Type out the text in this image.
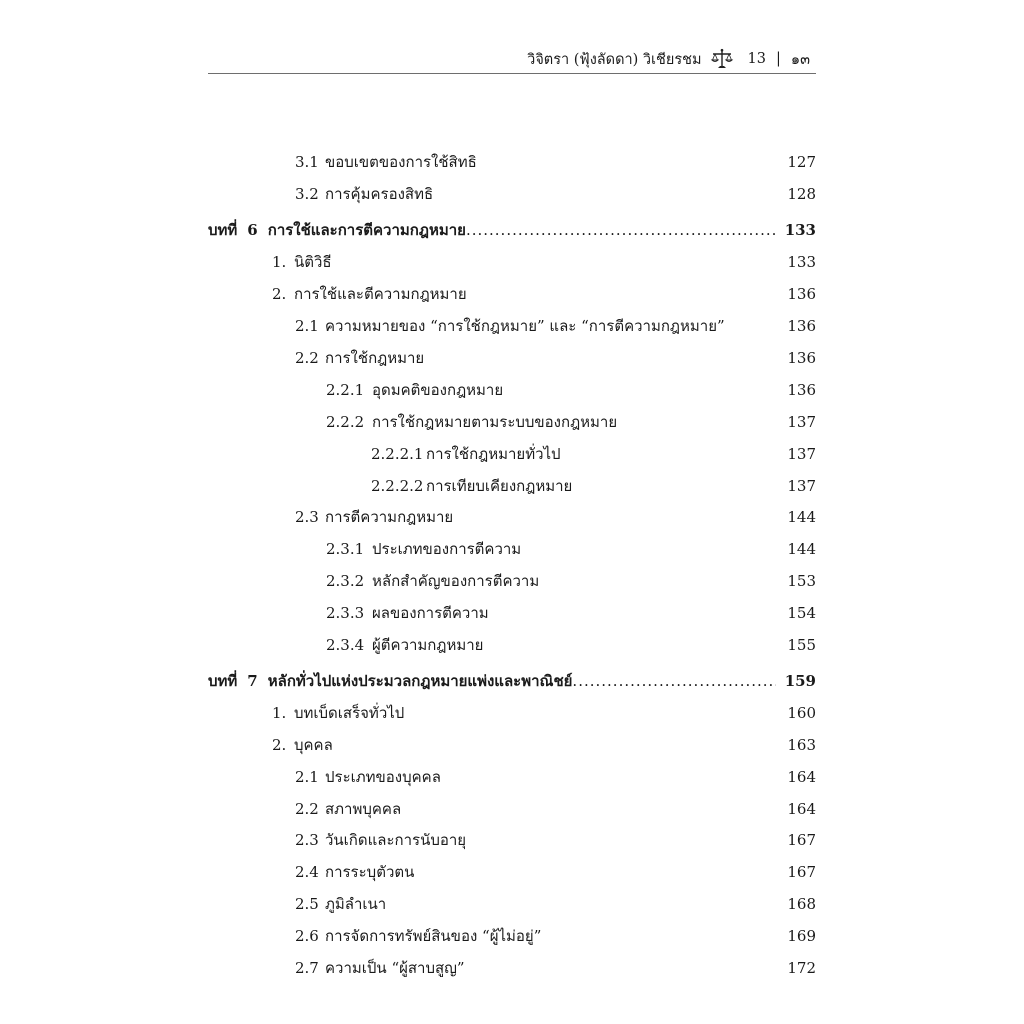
วิจิตรา (ฟุ้งลัดดา) วิเชียรชม	13 | ๑๓
3.1 ขอบเขตของการใช้สิทธิ	127
3.2 การคุ้มครองสิทธิ	128
บทที่ 6 การใช้และการตีความกฎหมาย .....	133
1. นิติวิธี	133
2. การใช้และตีความกฎหมาย	136
2.1 ความหมายของ “การใช้กฎหมาย” และ “การตีความกฎหมาย”	136
2.2 การใช้กฎหมาย	136
2.2.1 อุดมคติของกฎหมาย	136
2.2.2 การใช้กฎหมายตามระบบของกฎหมาย	137
2.2.2.1 การใช้กฎหมายทั่วไป	137
2.2.2.2 การเทียบเคียงกฎหมาย	137
2.3 การตีความกฎหมาย	144
2.3.1 ประเภทของการตีความ	144
2.3.2 หลักสำคัญของการตีความ	153
2.3.3 ผลของการตีความ	154
2.3.4 ผู้ตีความกฎหมาย	155
บทที่ 7 หลักทั่วไปแห่งประมวลกฎหมายแพ่งและพาณิชย์ .....	159
1. บทเบ็ดเสร็จทั่วไป	160
2. บุคคล	163
2.1 ประเภทของบุคคล	164
2.2 สภาพบุคคล	164
2.3 วันเกิดและการนับอายุ	167
2.4 การระบุตัวตน	167
2.5 ภูมิลำเนา	168
2.6 การจัดการทรัพย์สินของ “ผู้ไม่อยู่”	169
2.7 ความเป็น “ผู้สาบสูญ”	172
